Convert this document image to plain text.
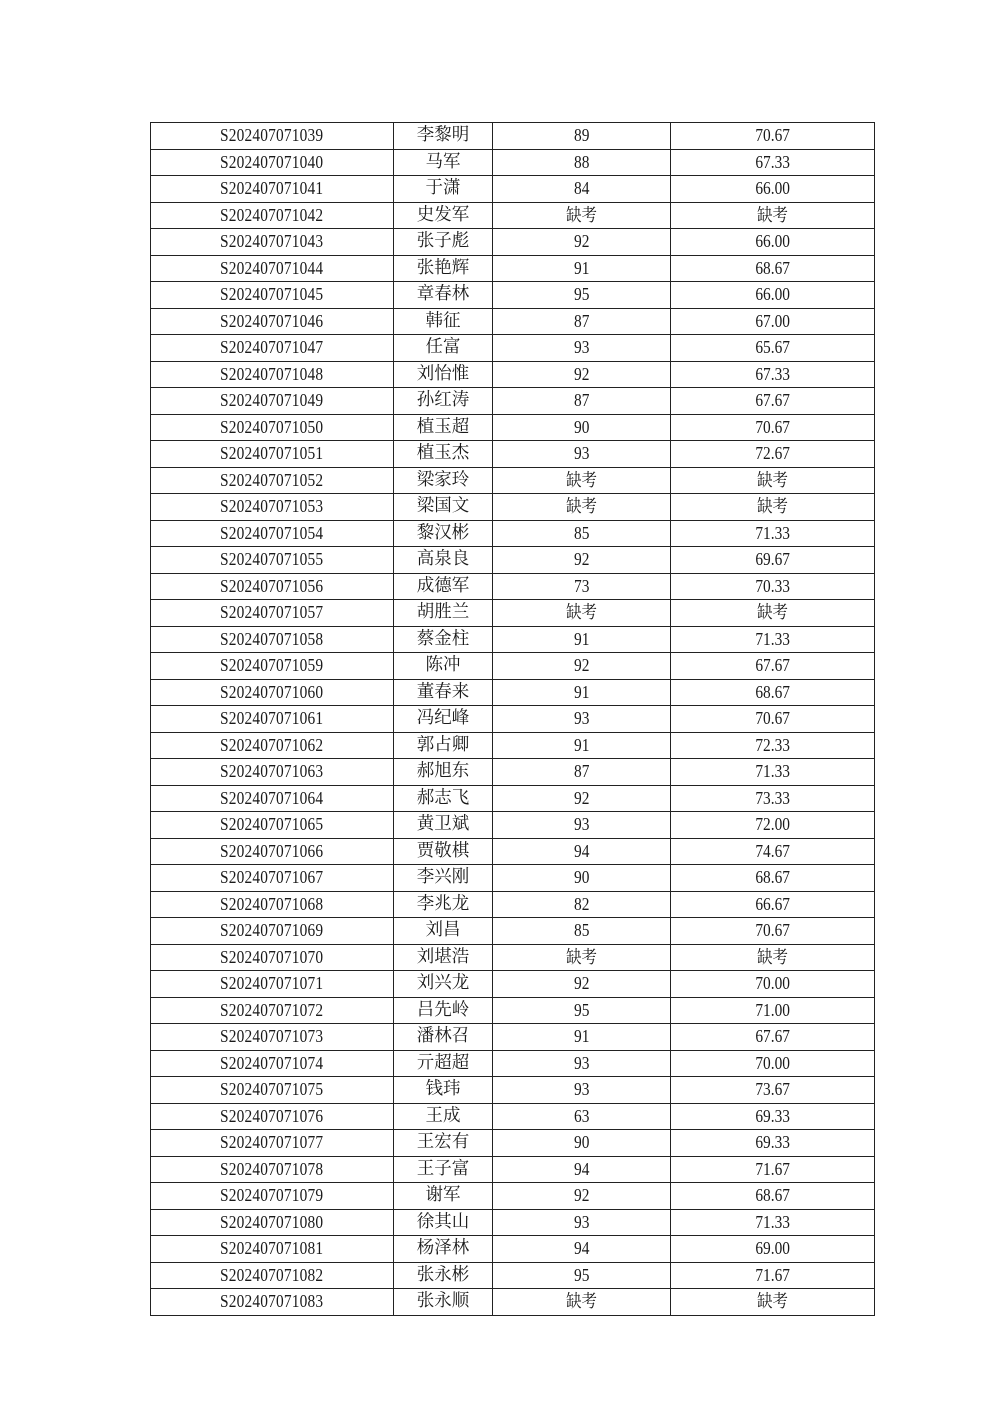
S202407071039	李黎明	89	70.67
S202407071040	马军	88	67.33
S202407071041	于潇	84	66.00
S202407071042	史发军	缺考	缺考
S202407071043	张子彪	92	66.00
S202407071044	张艳辉	91	68.67
S202407071045	章春林	95	66.00
S202407071046	韩征	87	67.00
S202407071047	任富	93	65.67
S202407071048	刘怡惟	92	67.33
S202407071049	孙红涛	87	67.67
S202407071050	植玉超	90	70.67
S202407071051	植玉杰	93	72.67
S202407071052	梁家玲	缺考	缺考
S202407071053	梁国文	缺考	缺考
S202407071054	黎汉彬	85	71.33
S202407071055	高泉良	92	69.67
S202407071056	成德军	73	70.33
S202407071057	胡胜兰	缺考	缺考
S202407071058	蔡金柱	91	71.33
S202407071059	陈冲	92	67.67
S202407071060	董春来	91	68.67
S202407071061	冯纪峰	93	70.67
S202407071062	郭占卿	91	72.33
S202407071063	郝旭东	87	71.33
S202407071064	郝志飞	92	73.33
S202407071065	黄卫斌	93	72.00
S202407071066	贾敬棋	94	74.67
S202407071067	李兴刚	90	68.67
S202407071068	李兆龙	82	66.67
S202407071069	刘昌	85	70.67
S202407071070	刘堪浩	缺考	缺考
S202407071071	刘兴龙	92	70.00
S202407071072	吕先岭	95	71.00
S202407071073	潘林召	91	67.67
S202407071074	亓超超	93	70.00
S202407071075	钱玮	93	73.67
S202407071076	王成	63	69.33
S202407071077	王宏有	90	69.33
S202407071078	王子富	94	71.67
S202407071079	谢军	92	68.67
S202407071080	徐其山	93	71.33
S202407071081	杨泽林	94	69.00
S202407071082	张永彬	95	71.67
S202407071083	张永顺	缺考	缺考
